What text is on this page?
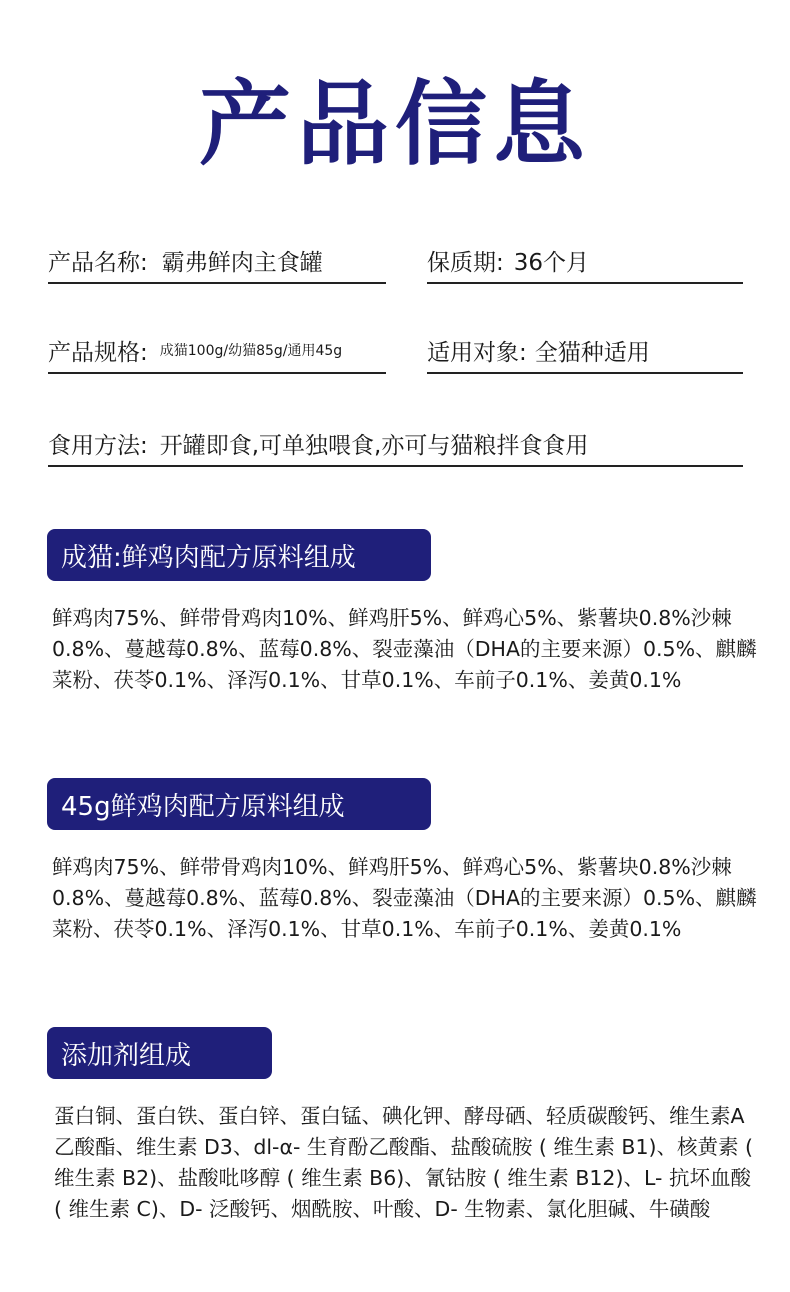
产品信息
产品名称: 霸弗鲜肉主食罐	保质期: 36个月
产品规格: 成猫100g/幼猫85g/通用45g	适用对象: 全猫种适用
食用方法: 开罐即食,可单独喂食,亦可与猫粮拌食食用
成猫:鲜鸡肉配方原料组成
鲜鸡肉75%、鲜带骨鸡肉10%、鲜鸡肝5%、鲜鸡心5%、紫薯块0.8%沙棘0.8%、蔓越莓0.8%、蓝莓0.8%、裂壶藻油（DHA的主要来源）0.5%、麒麟菜粉、茯苓0.1%、泽泻0.1%、甘草0.1%、车前子0.1%、姜黄0.1%
45g鲜鸡肉配方原料组成
鲜鸡肉75%、鲜带骨鸡肉10%、鲜鸡肝5%、鲜鸡心5%、紫薯块0.8%沙棘0.8%、蔓越莓0.8%、蓝莓0.8%、裂壶藻油（DHA的主要来源）0.5%、麒麟菜粉、茯苓0.1%、泽泻0.1%、甘草0.1%、车前子0.1%、姜黄0.1%
添加剂组成
蛋白铜、蛋白铁、蛋白锌、蛋白锰、碘化钾、酵母硒、轻质碳酸钙、维生素A 乙酸酯、维生素 D3、dl-α- 生育酚乙酸酯、盐酸硫胺 ( 维生素 B1)、核黄素 ( 维生素 B2)、盐酸吡哆醇 ( 维生素 B6)、氰钴胺 ( 维生素 B12)、L- 抗坏血酸 ( 维生素 C)、D- 泛酸钙、烟酰胺、叶酸、D- 生物素、氯化胆碱、牛磺酸
